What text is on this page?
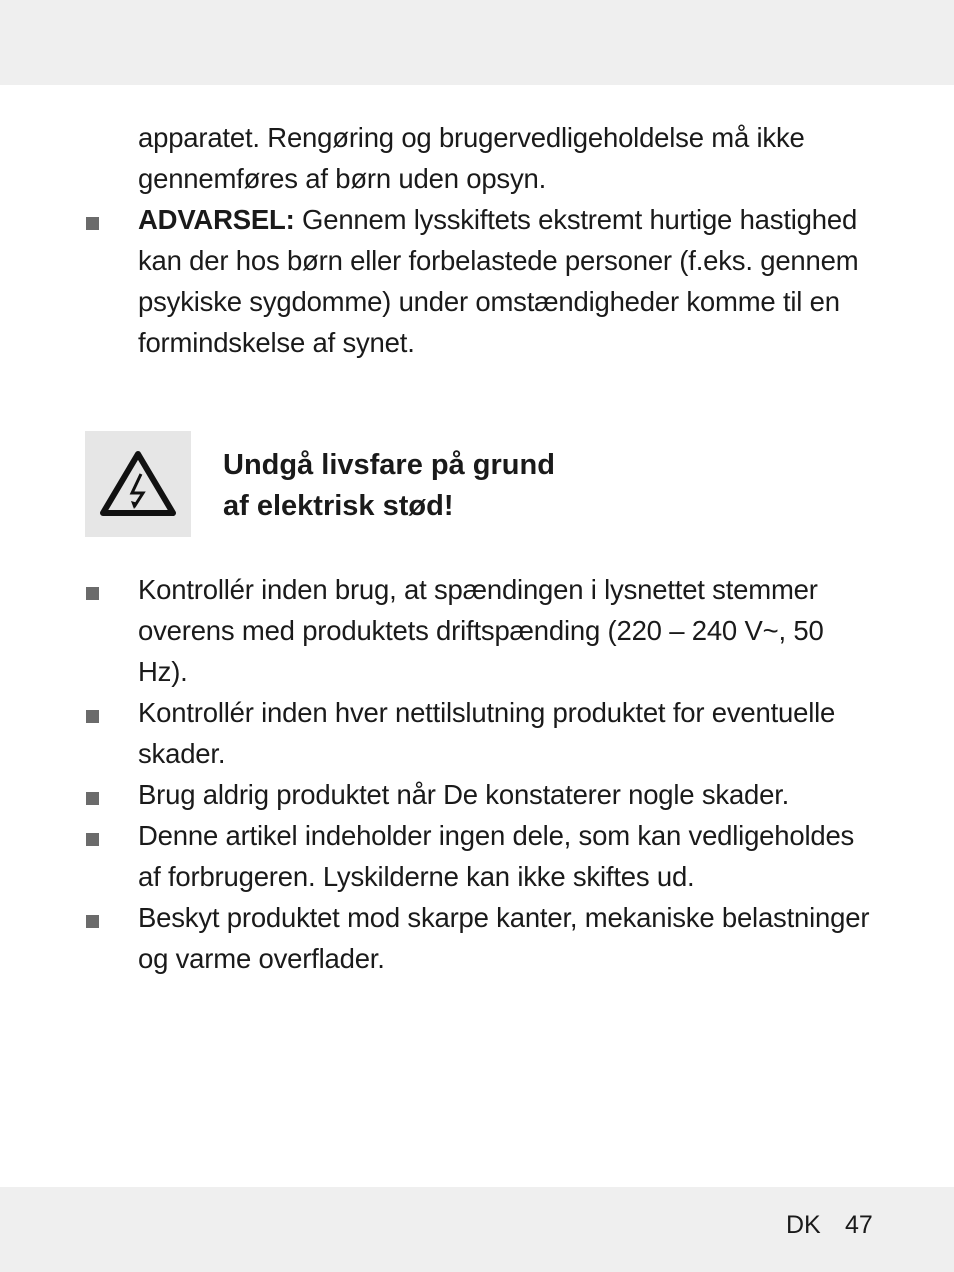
apparatet. Rengøring og brugervedligeholdelse må ikke gennemføres af børn uden opsyn.
ADVARSEL: Gennem lysskiftets ekstremt hurtige hastighed kan der hos børn eller forbelastede personer (f.eks. gennem psykiske sygdomme) under omstændigheder komme til en formindskelse af synet.
Undgå livsfare på grund
af elektrisk stød!
Kontrollér inden brug, at spændingen i lysnettet stemmer overens med produktets driftspænding (220 – 240 V~, 50 Hz).
Kontrollér inden hver nettilslutning produktet for eventuelle skader.
Brug aldrig produktet når De konstaterer nogle skader.
Denne artikel indeholder ingen dele, som kan vedligeholdes af forbrugeren. Lyskilderne kan ikke skiftes ud.
Beskyt produktet mod skarpe kanter, mekaniske belastninger og varme overflader.
DK 47
